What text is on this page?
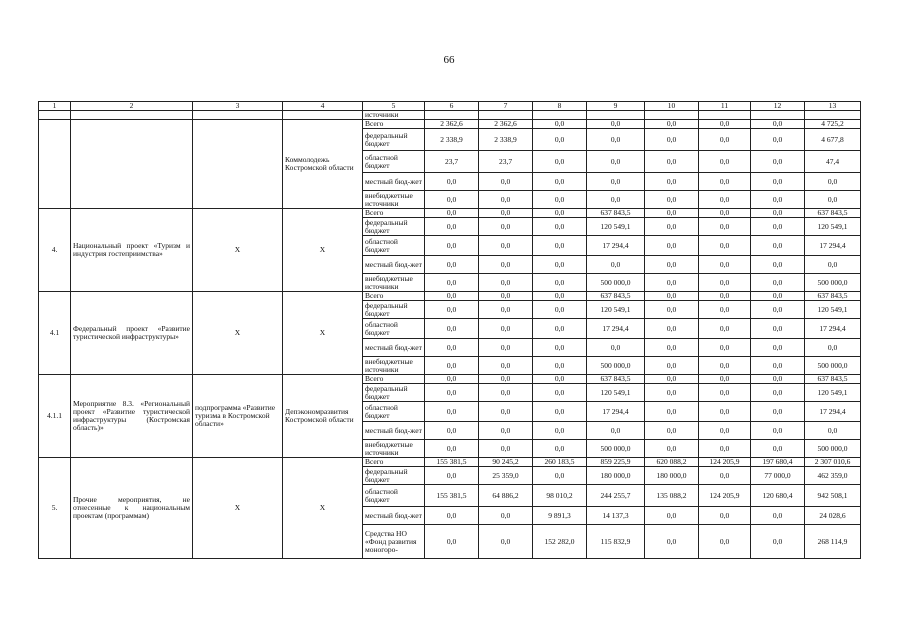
66
1	2	3	4	5	6	7	8	9	10	11	12	13
				источники								
			Коммолодежь Костромской области	Всего	2 362,6	2 362,6	0,0	0,0	0,0	0,0	0,0	4 725,2
				федеральный бюджет	2 338,9	2 338,9	0,0	0,0	0,0	0,0	0,0	4 677,8
				областной бюджет	23,7	23,7	0,0	0,0	0,0	0,0	0,0	47,4
				местный бюд-жет	0,0	0,0	0,0	0,0	0,0	0,0	0,0	0,0
				внебюджетные источники	0,0	0,0	0,0	0,0	0,0	0,0	0,0	0,0
4.	Национальный проект «Туризм и индустрия гостеприимства»	Х	Х	Всего	0,0	0,0	0,0	637 843,5	0,0	0,0	0,0	637 843,5
				федеральный бюджет	0,0	0,0	0,0	120 549,1	0,0	0,0	0,0	120 549,1
				областной бюджет	0,0	0,0	0,0	17 294,4	0,0	0,0	0,0	17 294,4
				местный бюд-жет	0,0	0,0	0,0	0,0	0,0	0,0	0,0	0,0
				внебюджетные источники	0,0	0,0	0,0	500 000,0	0,0	0,0	0,0	500 000,0
4.1	Федеральный проект «Развитие туристической инфраструктуры»	Х	Х	Всего	0,0	0,0	0,0	637 843,5	0,0	0,0	0,0	637 843,5
				федеральный бюджет	0,0	0,0	0,0	120 549,1	0,0	0,0	0,0	120 549,1
				областной бюджет	0,0	0,0	0,0	17 294,4	0,0	0,0	0,0	17 294,4
				местный бюд-жет	0,0	0,0	0,0	0,0	0,0	0,0	0,0	0,0
				внебюджетные источники	0,0	0,0	0,0	500 000,0	0,0	0,0	0,0	500 000,0
4.1.1	Мероприятие 8.3. «Региональный проект «Развитие туристической инфраструктуры (Костромская область)»	подпрограмма «Развитие туризма в Костромской области»	Депэкономразвития Костромской области	Всего	0,0	0,0	0,0	637 843,5	0,0	0,0	0,0	637 843,5
				федеральный бюджет	0,0	0,0	0,0	120 549,1	0,0	0,0	0,0	120 549,1
				областной бюджет	0,0	0,0	0,0	17 294,4	0,0	0,0	0,0	17 294,4
				местный бюд-жет	0,0	0,0	0,0	0,0	0,0	0,0	0,0	0,0
				внебюджетные источники	0,0	0,0	0,0	500 000,0	0,0	0,0	0,0	500 000,0
5.	Прочие мероприятия, не отнесенные к национальным проектам (программам)	Х	Х	Всего	155 381,5	90 245,2	260 183,5	859 225,9	620 088,2	124 205,9	197 680,4	2 307 010,6
				федеральный бюджет	0,0	25 359,0	0,0	180 000,0	180 000,0	0,0	77 000,0	462 359,0
				областной бюджет	155 381,5	64 886,2	98 010,2	244 255,7	135 088,2	124 205,9	120 680,4	942 508,1
				местный бюд-жет	0,0	0,0	9 891,3	14 137,3	0,0	0,0	0,0	24 028,6
				Средства НО «Фонд развития моногоро-	0,0	0,0	152 282,0	115 832,9	0,0	0,0	0,0	268 114,9
